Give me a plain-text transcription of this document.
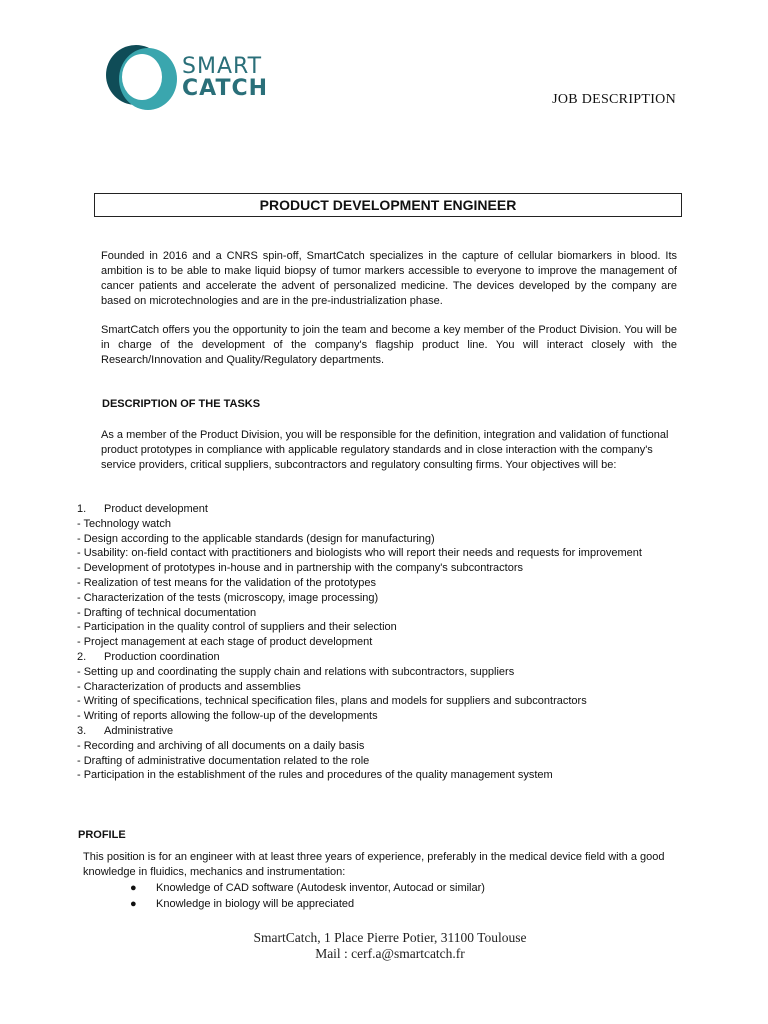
SMART
CATCH	JOB DESCRIPTION
PRODUCT DEVELOPMENT ENGINEER
Founded in 2016 and a CNRS spin-off, SmartCatch specializes in the capture of cellular biomarkers in blood. Its ambition is to be able to make liquid biopsy of tumor markers accessible to everyone to improve the management of cancer patients and accelerate the advent of personalized medicine. The devices developed by the company are based on microtechnologies and are in the pre-industrialization phase.
SmartCatch offers you the opportunity to join the team and become a key member of the Product Division. You will be in charge of the development of the company's flagship product line. You will interact closely with the Research/Innovation and Quality/Regulatory departments.
DESCRIPTION OF THE TASKS
As a member of the Product Division, you will be responsible for the definition, integration and validation of functional product prototypes in compliance with applicable regulatory standards and in close interaction with the company's service providers, critical suppliers, subcontractors and regulatory consulting firms. Your objectives will be:
1. Product development
- Technology watch
- Design according to the applicable standards (design for manufacturing)
- Usability: on-field contact with practitioners and biologists who will report their needs and requests for improvement
- Development of prototypes in-house and in partnership with the company's subcontractors
- Realization of test means for the validation of the prototypes
- Characterization of the tests (microscopy, image processing)
- Drafting of technical documentation
- Participation in the quality control of suppliers and their selection
- Project management at each stage of product development
2. Production coordination
- Setting up and coordinating the supply chain and relations with subcontractors, suppliers
- Characterization of products and assemblies
- Writing of specifications, technical specification files, plans and models for suppliers and subcontractors
- Writing of reports allowing the follow-up of the developments
3. Administrative
- Recording and archiving of all documents on a daily basis
- Drafting of administrative documentation related to the role
- Participation in the establishment of the rules and procedures of the quality management system
PROFILE
This position is for an engineer with at least three years of experience, preferably in the medical device field with a good knowledge in fluidics, mechanics and instrumentation:
● Knowledge of CAD software (Autodesk inventor, Autocad or similar)
● Knowledge in biology will be appreciated
SmartCatch, 1 Place Pierre Potier, 31100 Toulouse
Mail : cerf.a@smartcatch.fr
